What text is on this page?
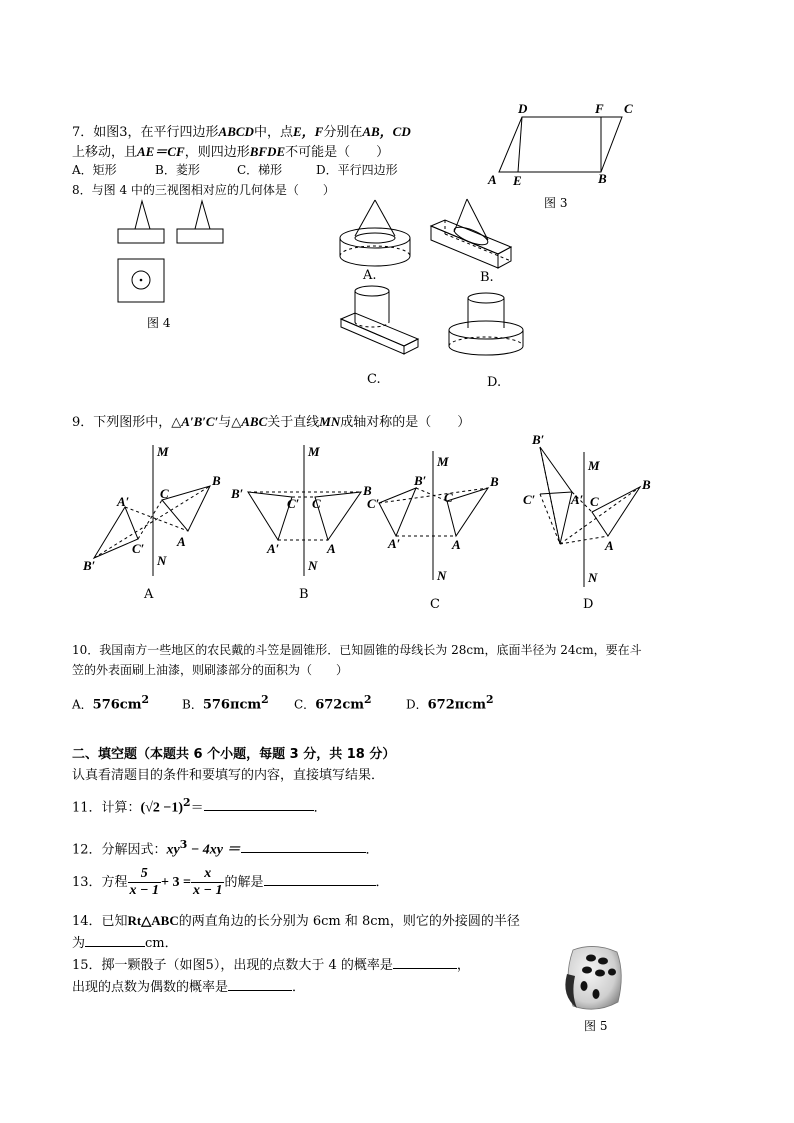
7．如图3，在平行四边形ABCD中，点E，F分别在AB，CD
上移动，且AE＝CF，则四边形BFDE不可能是（　　）
A．矩形	B．菱形	C．梯形	D．平行四边形
D	F C
A E	B
图 3
8．与图 4 中的三视图相对应的几何体是（　　）
图 4
A.	B.
C.	D.
9．下列图形中，△A′B′C′与△ABC关于直线MN成轴对称的是（　　）
M
N
B
C
A
A′
B′
C′
A
M
N
B
C
A
B′
C′
A′
B
M
N
B
C
A
B′
C′
A′
C
M
N
B
C
A
B′
C′	A′
D
10．我国南方一些地区的农民戴的斗笠是圆锥形．已知圆锥的母线长为 28cm，底面半径为 24cm，要在斗
笠的外表面刷上油漆，则刷漆部分的面积为（　　）
A．$576cm^2$	B．576πcm$^2$ C．$672cm^2$	D．672πcm$^2$
二、填空题（本题共 6 个小题，每题 3 分，共 18 分）
认真看清题目的条件和要填写的内容，直接填写结果．
11．计算：$(√2 -1)^2=$	．
12．分解因式：$xy^3 - 4xy$ ＝	．
13．方程 $\frac{5}{x - 1} + 3 = \frac{x}{x - 1}$ 的解是	．
14．已知Rt△ABC的两直角边的长分别为 6cm 和 8cm，则它的外接圆的半径
为	cm．
15．掷一颗骰子（如图5），出现的点数大于 4 的概率是	，
出现的点数为偶数的概率是	．
图 5
